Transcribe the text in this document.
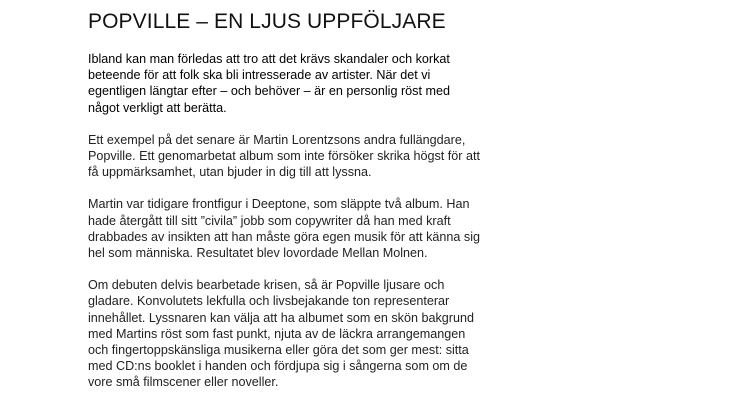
POPVILLE – EN LJUS UPPFÖLJARE

Ibland kan man förledas att tro att det krävs skandaler och korkat
beteende för att folk ska bli intresserade av artister. När det vi
egentligen längtar efter – och behöver – är en personlig röst med
något verkligt att berätta.

Ett exempel på det senare är Martin Lorentzsons andra fullängdare,
Popville. Ett genomarbetat album som inte försöker skrika högst för att
få uppmärksamhet, utan bjuder in dig till att lyssna.

Martin var tidigare frontfigur i Deeptone, som släppte två album. Han
hade återgått till sitt ”civila” jobb som copywriter då han med kraft
drabbades av insikten att han måste göra egen musik för att känna sig
hel som människa. Resultatet blev lovordade Mellan Molnen.

Om debuten delvis bearbetade krisen, så är Popville ljusare och
gladare. Konvolutets lekfulla och livsbejakande ton representerar
innehållet. Lyssnaren kan välja att ha albumet som en skön bakgrund
med Martins röst som fast punkt, njuta av de läckra arrangemangen
och fingertoppskänsliga musikerna eller göra det som ger mest: sitta
med CD:ns booklet i handen och fördjupa sig i sångerna som om de
vore små filmscener eller noveller.
